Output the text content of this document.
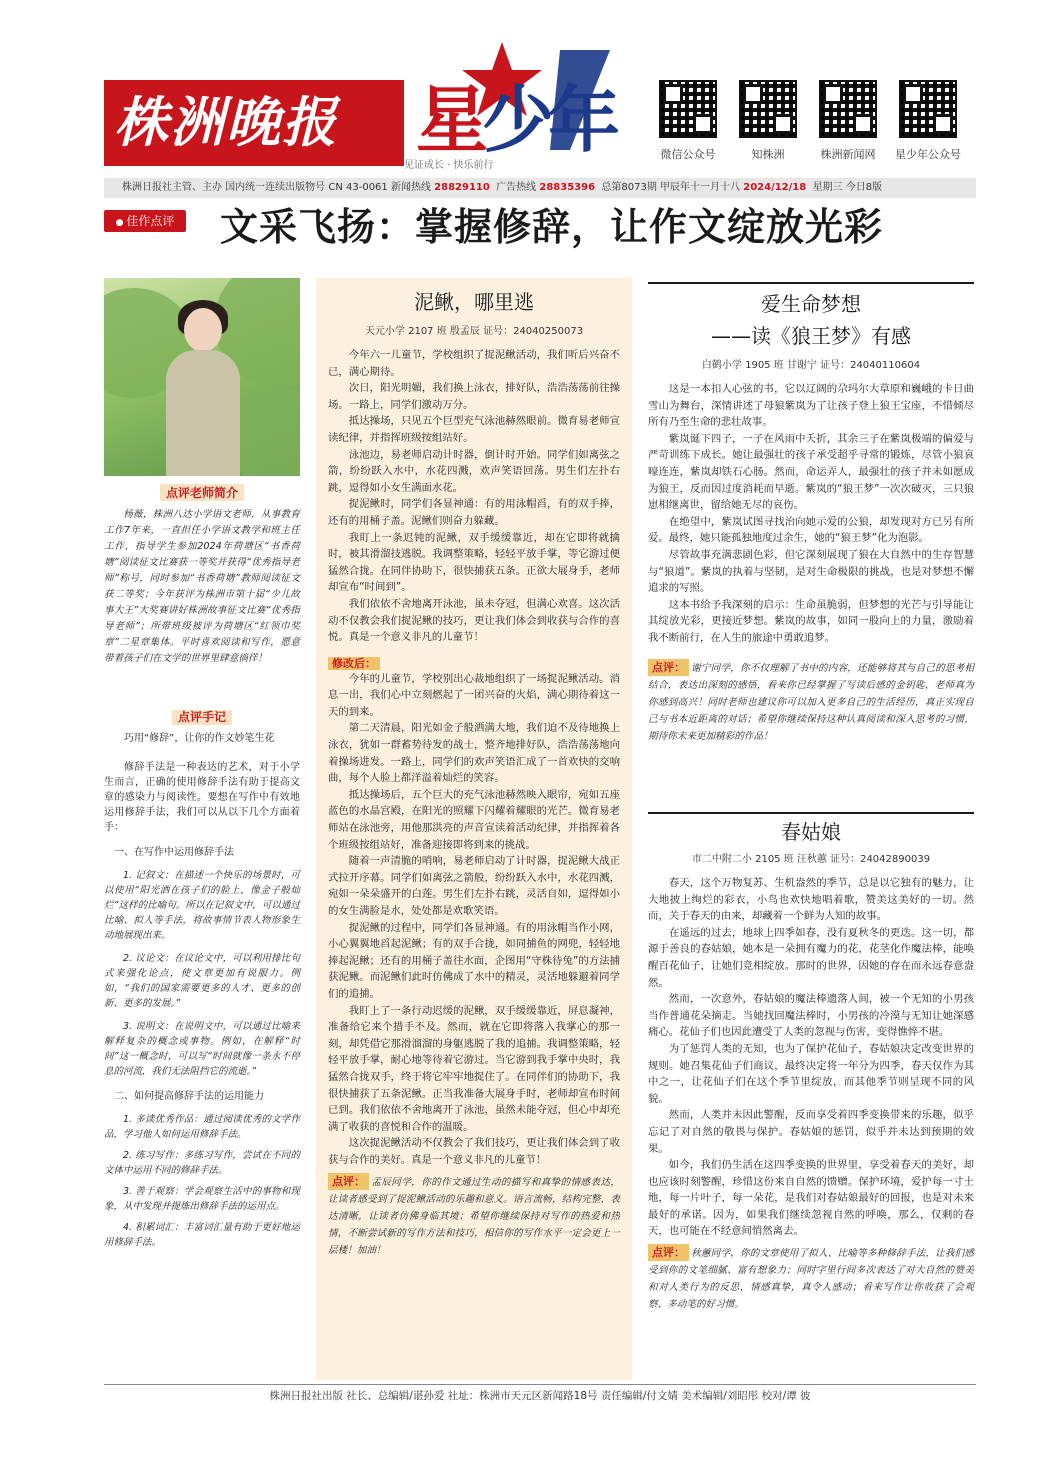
株洲晚报 星少年
见证成长 · 快乐前行
微信公众号	知株洲	株洲新闻网	星少年公众号
株洲日报社主管、主办 国内统一连续出版物号 CN 43-0061 新闻热线 28829110 广告热线 28835396 总第8073期 甲辰年十一月十八 2024/12/18 星期三 今日8版
● 佳作点评	文采飞扬：掌握修辞，让作文绽放光彩
点评老师简介

杨薇，株洲八达小学语文老师，从事教育工作7年来，一直担任小学语文教学和班主任工作，指导学生参加2024年荷塘区“书香荷塘”阅读征文比赛获一等奖并获得“优秀指导老师”称号，同时参加“书香荷塘”教师阅读征文获二等奖；今年获评为株洲市第十届“少儿故事大王”大奖赛讲好株洲故事征文比赛“优秀指导老师”；所带班级被评为荷塘区“红领巾奖章”二星章集体。平时喜欢阅读和写作，愿意带着孩子们在文学的世界里肆意徜徉！

点评手记

巧用“修辞”，让你的作文妙笔生花

修辞手法是一种表达的艺术，对于小学生而言，正确的使用修辞手法有助于提高文章的感染力与阅读性。要想在写作中有效地运用修辞手法，我们可以从以下几个方面着手：

一、在写作中运用修辞手法

1. 记叙文：在描述一个快乐的场景时，可以使用“阳光洒在孩子们的脸上，像金子般灿烂”这样的比喻句。所以在记叙文中，可以通过比喻、拟人等手法，将故事情节表人物形象生动地展现出来。

2. 议论文：在议论文中，可以利用排比句式来强化论点，使文章更加有说服力。例如，“我们的国家需要更多的人才、更多的创新、更多的发展。”

3. 说明文：在说明文中，可以通过比喻来解释复杂的概念或事物。例如，在解释“时间”这一概念时，可以写“时间就像一条永不停息的河流，我们无法阻挡它的流逝。”

二、如何提高修辞手法的运用能力

1. 多读优秀作品：通过阅读优秀的文学作品，学习他人如何运用修辞手法。

2. 练习写作：多练习写作，尝试在不同的文体中运用不同的修辞手法。

3. 善于观察：学会观察生活中的事物和现象，从中发现并提炼出修辞手法的运用点。

4. 积累词汇：丰富词汇量有助于更好地运用修辞手法。

泥鳅，哪里逃
天元小学 2107 班 殷孟辰 证号：24040250073

今年六一儿童节，学校组织了捉泥鳅活动，我们听后兴奋不已，满心期待。

次日，阳光明媚，我们换上泳衣，排好队，浩浩荡荡前往操场。一路上，同学们激动万分。

抵达操场，只见五个巨型充气泳池赫然眼前。微育易老师宣读纪律，并指挥班级按组站好。

泳池边，易老师启动计时器，倒计时开始。同学们如离弦之箭，纷纷跃入水中，水花四溅，欢声笑语回荡。男生们左扑右跳，逗得如小女生满面水花。

捉泥鳅时，同学们各显神通：有的用泳帽舀，有的双手捧，还有的用桶子盖。泥鳅们则奋力躲藏。

我盯上一条迟钝的泥鳅，双手缓缓靠近，却在它即将就擒时，被其滑溜技逃脱。我调整策略，轻轻平放手掌，等它游过便猛然合拢。在同伴协助下，很快捕获五条。正欲大展身手，老师却宣布“时间到”。

我们依依不舍地离开泳池，虽未夺冠，但满心欢喜。这次活动不仅教会我们捉泥鳅的技巧，更让我们体会到收获与合作的喜悦。真是一个意义非凡的儿童节！

修改后：

今年的儿童节，学校别出心裁地组织了一场捉泥鳅活动。消息一出，我们心中立刻燃起了一团兴奋的火焰，满心期待着这一天的到来。

第二天清晨，阳光如金子般洒满大地，我们迫不及待地换上泳衣，犹如一群蓄势待发的战士，整齐地排好队，浩浩荡荡地向着操场进发。一路上，同学们的欢声笑语汇成了一首欢快的交响曲，每个人脸上都洋溢着灿烂的笑容。

抵达操场后，五个巨大的充气泳池赫然映入眼帘，宛如五座蓝色的水晶宫殿，在阳光的照耀下闪耀着耀眼的光芒。微育易老师站在泳池旁，用他那洪亮的声音宣读着活动纪律，并指挥着各个班级按组站好，准备迎接即将到来的挑战。

随着一声清脆的哨响，易老师启动了计时器，捉泥鳅大战正式拉开序幕。同学们如离弦之箭般，纷纷跃入水中，水花四溅，宛如一朵朵盛开的白莲。男生们左扑右跳，灵活自如，逗得如小的女生满脸是水，处处都是欢歌笑语。

捉泥鳅的过程中，同学们各显神通。有的用泳帽当作小网，小心翼翼地舀起泥鳅；有的双手合拢，如同捕鱼的网兜，轻轻地捧起泥鳅；还有的用桶子盖往水面，企图用“守株待兔”的方法捕获泥鳅。而泥鳅们此时仿佛成了水中的精灵，灵活地躲避着同学们的追捕。

我盯上了一条行动迟缓的泥鳅，双手缓缓靠近，屏息凝神，准备给它来个措手不及。然而，就在它即将落入我掌心的那一刻，却凭借它那滑溜溜的身躯逃脱了我的追捕。我调整策略，轻轻平放手掌，耐心地等待着它游过。当它游到我手掌中央时，我猛然合拢双手，终于将它牢牢地捉住了。在同伴们的协助下，我很快捕获了五条泥鳅。正当我准备大展身手时，老师却宣布时间已到。我们依依不舍地离开了泳池，虽然未能夺冠，但心中却充满了收获的喜悦和合作的温暖。

这次捉泥鳅活动不仅教会了我们技巧，更让我们体会到了收获与合作的美好。真是一个意义非凡的儿童节！

点评： 孟辰同学，你的作文通过生动的描写和真挚的情感表达，让读者感受到了捉泥鳅活动的乐趣和意义。语言流畅，结构完整，表达清晰，让读者仿佛身临其境；希望你继续保持对写作的热爱和热情，不断尝试新的写作方法和技巧，相信你的写作水平一定会更上一层楼！加油！

爱生命梦想
——读《狼王梦》有感
白鹤小学 1905 班 甘谢宁 证号：24040110604

这是一本扣人心弦的书，它以辽阔的尕玛尔大草原和巍峨的卡日曲雪山为舞台，深情讲述了母狼紫岚为了让孩子登上狼王宝座，不惜倾尽所有乃至生命的悲壮故事。

紫岚诞下四子，一子在风雨中夭折，其余三子在紫岚极端的偏爱与严苛训练下成长。她让最强壮的孩子承受超乎寻常的锻炼，尽管小狼哀嚎连连，紫岚却铁石心肠。然而，命运弄人，最强壮的孩子并未如愿成为狼王，反而因过度消耗而早逝。紫岚的“狼王梦”一次次破灭，三只狼崽相继离世，留给她无尽的哀伤。

在绝望中，紫岚试图寻找治向她示爱的公狼，却发现对方已另有所爱。最终，她只能孤独地度过余生，她的“狼王梦”化为泡影。

尽管故事充满悲剧色彩，但它深刻展现了狼在大自然中的生存智慧与“狼道”。紫岚的执着与坚韧，是对生命极限的挑战，也是对梦想不懈追求的写照。

这本书给予我深刻的启示：生命虽脆弱，但梦想的光芒与引导能让其绽放光彩，更接近梦想。紫岚的故事，如同一股向上的力量，激励着我不断前行，在人生的旅途中勇敢追梦。

点评： 谢宁同学，你不仅理解了书中的内容，还能够将其与自己的思考相结合，表达出深刻的感悟，看来你已经掌握了写读后感的金钥匙，老师真为你感到高兴！同时老师也建议你可以加入更多自己的生活经历，真正实现自己与书本近距离的对话；希望你继续保持这种认真阅读和深入思考的习惯，期待你未来更加精彩的作品！

春姑娘
市二中附二小 2105 班 汪秋蕙 证号：24042890039

春天，这个万物复苏、生机盎然的季节，总是以它独有的魅力，让大地披上绚烂的彩衣，小鸟也欢快地唱着歌，赞美这美好的一切。然而，关于春天的由来，却藏着一个鲜为人知的故事。

在遥远的过去，地球上四季如春，没有夏秋冬的更迭。这一切，都源于善良的春姑娘，她本是一朵拥有魔力的花，花茎化作魔法棒，能唤醒百花仙子，让她们竞相绽放。那时的世界，因她的存在而永远春意盎然。

然而，一次意外，春姑娘的魔法棒遗落人间，被一个无知的小男孩当作普通花朵摘走。当她找回魔法棒时，小男孩的冷漠与无知让她深感痛心。花仙子们也因此遭受了人类的忽视与伤害，变得憔悴不堪。

为了惩罚人类的无知，也为了保护花仙子，春姑娘决定改变世界的规则。她召集花仙子们商议，最终决定将一年分为四季，春天仅作为其中之一，让花仙子们在这个季节里绽放，而其他季节则呈现不同的风貌。

然而，人类并未因此警醒，反而享受着四季变换带来的乐趣，似乎忘记了对自然的敬畏与保护。春姑娘的惩罚，似乎并未达到预期的效果。

如今，我们仍生活在这四季变换的世界里，享受着春天的美好，却也应该时刻警醒，珍惜这份来自自然的馈赠。保护环境，爱护每一寸土地，每一片叶子，每一朵花，是我们对春姑娘最好的回报，也是对未来最好的承诺。因为，如果我们继续忽视自然的呼唤，那么，仅剩的春天，也可能在不经意间悄然离去。

点评： 秋蕙同学，你的文章使用了拟人、比喻等多种修辞手法，让我们感受到你的文笔细腻、富有想象力；同时字里行间多次表达了对大自然的赞美和对人类行为的反思，情感真挚，真令人感动；看来写作让你收获了会观察、多动笔的好习惯。

株洲日报社出版 社长、总编辑/谌孙爱 社址：株洲市天元区新闻路18号 责任编辑/付文婧 美术编辑/刘昭彤 校对/谭 彼
